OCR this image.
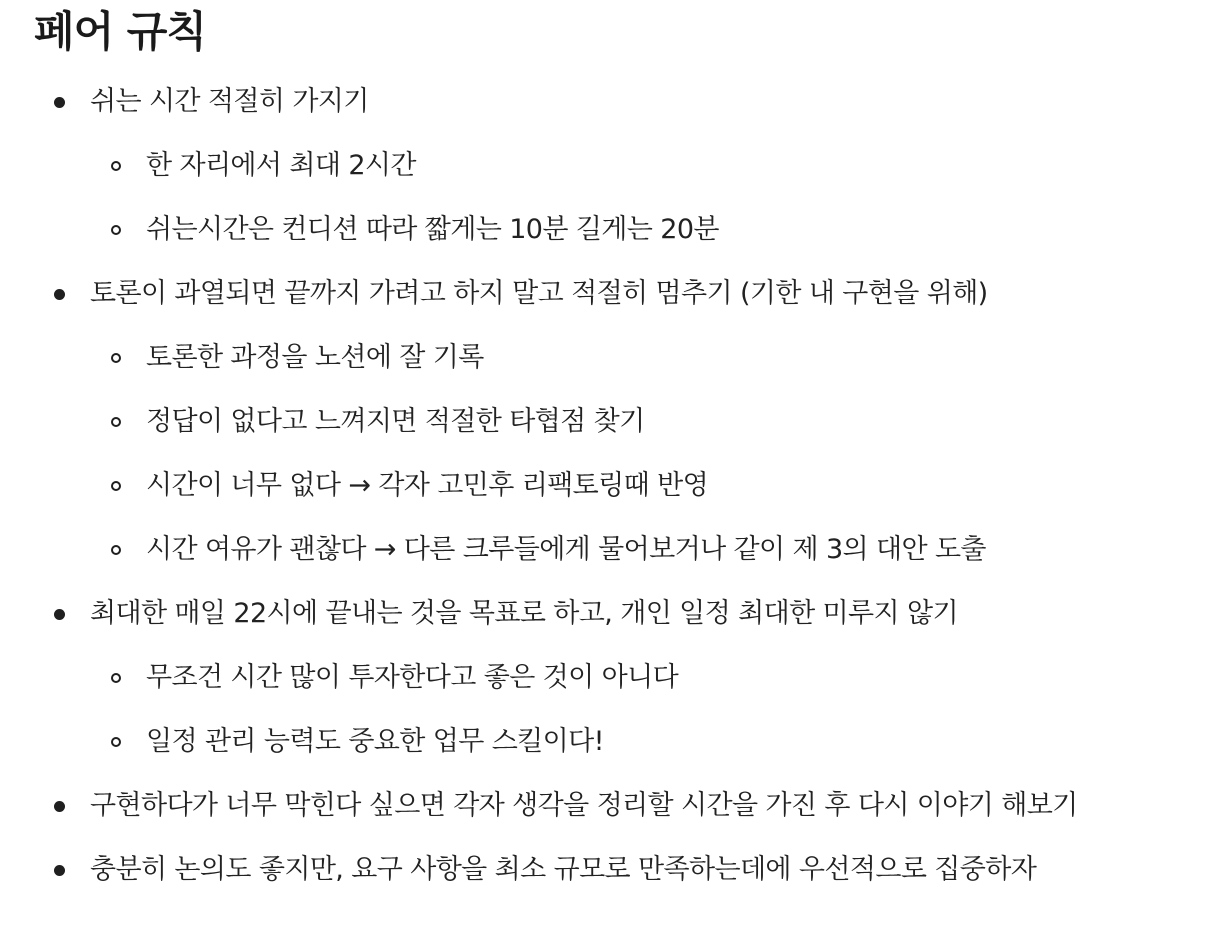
페어 규칙
쉬는 시간 적절히 가지기
한 자리에서 최대 2시간
쉬는시간은 컨디션 따라 짧게는 10분 길게는 20분
토론이 과열되면 끝까지 가려고 하지 말고 적절히 멈추기 (기한 내 구현을 위해)
토론한 과정을 노션에 잘 기록
정답이 없다고 느껴지면 적절한 타협점 찾기
시간이 너무 없다 → 각자 고민후 리팩토링때 반영
시간 여유가 괜찮다 → 다른 크루들에게 물어보거나 같이 제 3의 대안 도출
최대한 매일 22시에 끝내는 것을 목표로 하고, 개인 일정 최대한 미루지 않기
무조건 시간 많이 투자한다고 좋은 것이 아니다
일정 관리 능력도 중요한 업무 스킬이다!
구현하다가 너무 막힌다 싶으면 각자 생각을 정리할 시간을 가진 후 다시 이야기 해보기
충분히 논의도 좋지만, 요구 사항을 최소 규모로 만족하는데에 우선적으로 집중하자
